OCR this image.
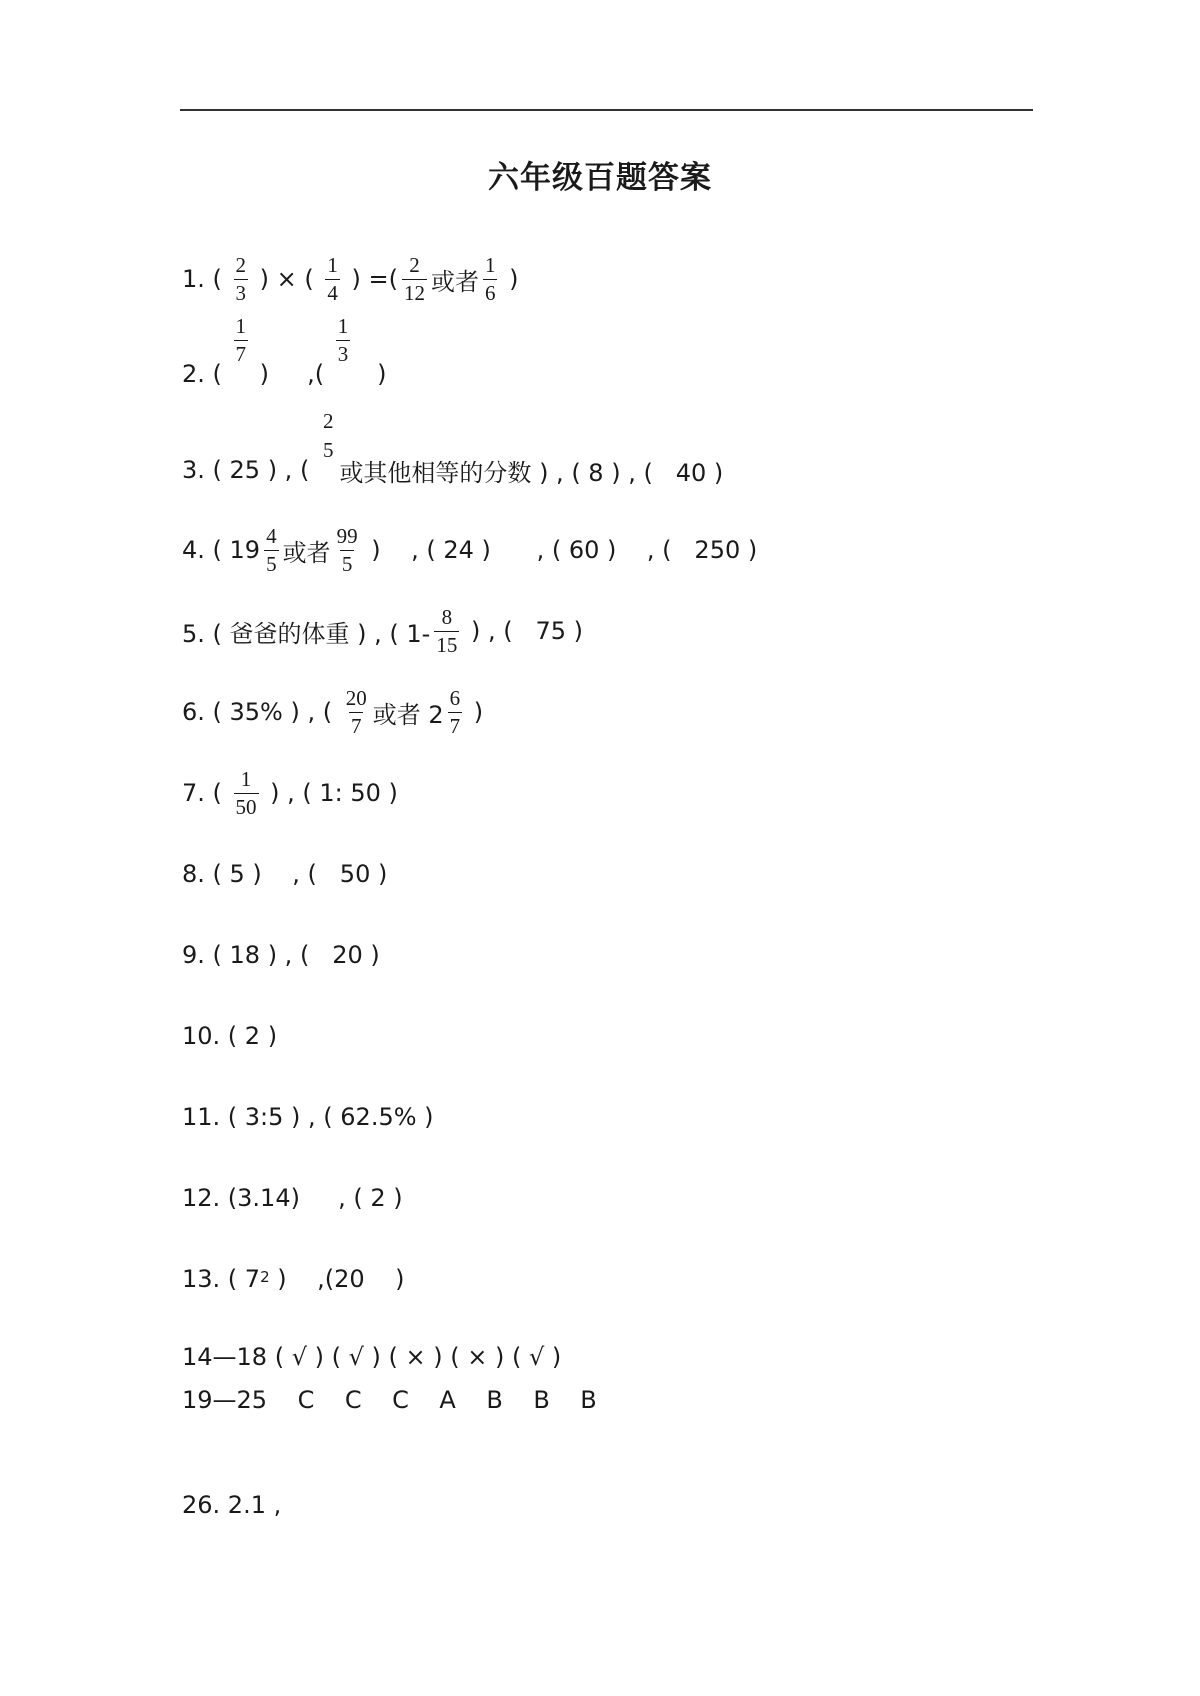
六年级百题答案
1. ( $\frac{2}{3}$ ) × ( $\frac{1}{4}$ ) =( $\frac{2}{12}$ 或者 $\frac{1}{6}$ )
2. (
$\frac{1}{7}$
)     ,(
$\frac{1}{3}$
)
3. ( 25 ) , (
2
5
或其他相等的分数 ) , ( 8 ) , (   40 )
4. ( $19 \frac{4}{5}$ 或者 $\frac{99}{5}$ )    , ( 24 )      , ( 60 )    , (   250 )
5. ( 爸爸的体重 ) , ( $1- \frac{8}{15}$ ) , (   75 )
6. ( 35% ) , ( $\frac{20}{7}$ 或者 $2 \frac{6}{7}$ )
7. ( $\frac{1}{50}$ ) , ( 1: 50 )
8. ( 5 )    , (   50 )
9. ( 18 ) , (   20 )
10. ( 2 )
11. ( 3:5 ) , ( 62.5% )
12. (3.14)     , ( 2 )
13. ( $7^2$ )    ,(20    )
14—18 ( √ ) ( √ ) ( × ) ( × ) ( √ )
19—25    C    C    C    A    B    B    B
26. 2.1 ,
